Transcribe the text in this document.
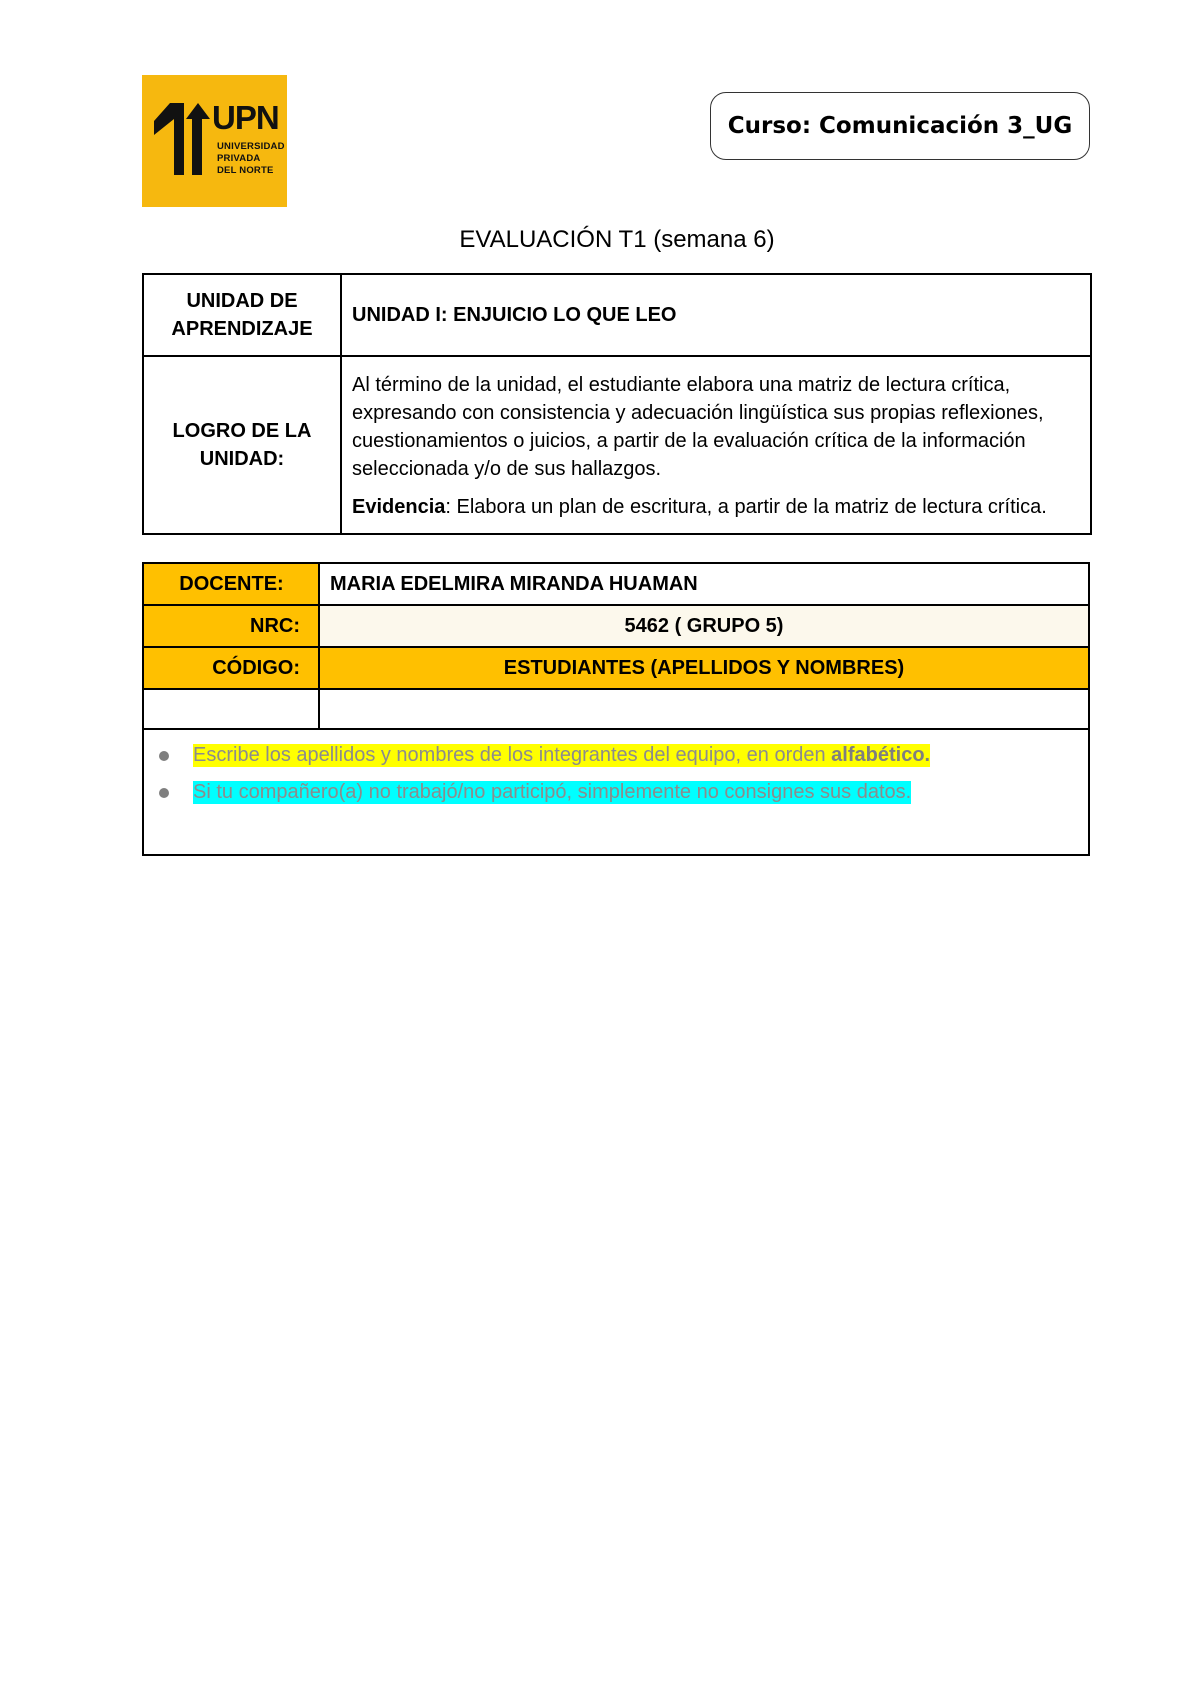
UPN
UNIVERSIDAD
PRIVADA
DEL NORTE
Curso: Comunicación 3_UG
EVALUACIÓN T1 (semana 6)
UNIDAD DE APRENDIZAJE	UNIDAD I: ENJUICIO LO QUE LEO
LOGRO DE LA UNIDAD:	Al término de la unidad, el estudiante elabora una matriz de lectura crítica, expresando con consistencia y adecuación lingüística sus propias reflexiones, cuestionamientos o juicios, a partir de la evaluación crítica de la información seleccionada y/o de sus hallazgos.
Evidencia: Elabora un plan de escritura, a partir de la matriz de lectura crítica.
DOCENTE:	MARIA EDELMIRA MIRANDA HUAMAN
NRC:	5462 ( GRUPO 5)
CÓDIGO:	ESTUDIANTES (APELLIDOS Y NOMBRES)

Escribe los apellidos y nombres de los integrantes del equipo, en orden alfabético.
Si tu compañero(a) no trabajó/no participó, simplemente no consignes sus datos.	
